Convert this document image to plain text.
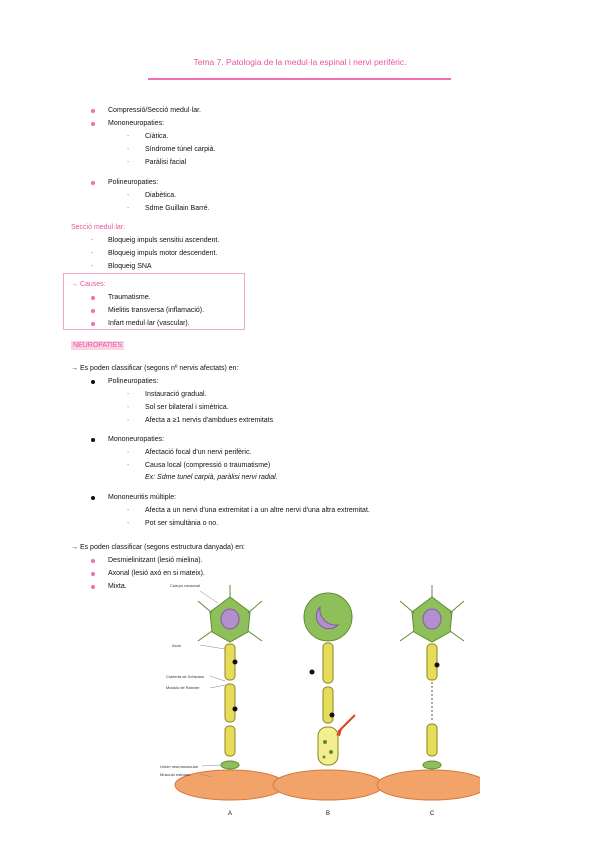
Tema 7. Patologia de la medul·la espinal i nervi perifèric.
Compressió/Secció medul·lar.
Mononeuropaties:
- Ciàtica.
- Síndrome túnel carpià.
- Paràlisi facial
Polineuropaties:
- Diabètica.
- Sdme Guillain Barré.
Secció medul·lar:
- Bloqueig impuls sensitiu ascendent.
- Bloqueig impuls motor descendent.
- Bloqueig SNA
→ Causes:
Traumatisme.
Mielitis transversa (inflamació).
Infart medul·lar (vascular).
NEUROPATIES
→ Es poden classificar (segons nº nervis afectats) en:
Polineuropaties:
- Instauració gradual.
- Sol ser bilateral i simètrica.
- Afecta a ≥1 nervis d'ambdues extremitats
Mononeuropaties:
- Afectació focal d'un nervi perifèric.
- Causa local (compressió o traumatisme)
Ex: Sdme tunel carpià, paràlisi nervi radial.
Mononeuritis múltiple:
- Afecta a un nervi d'una extremitat i a un altre nervi d'una altra extremitat.
- Pot ser simultània o no.
→ Es poden classificar (segons estructura danyada) en:
Desmielinitzant (lesió mielina).
Axonal (lesió axó en si mateix).
Mixta.	Cuerpo neuronal
Axón
Cubierta de Schwann
Módulo de Ranvier
Unión neuromuscular
Músculo estriado
A	B	C
